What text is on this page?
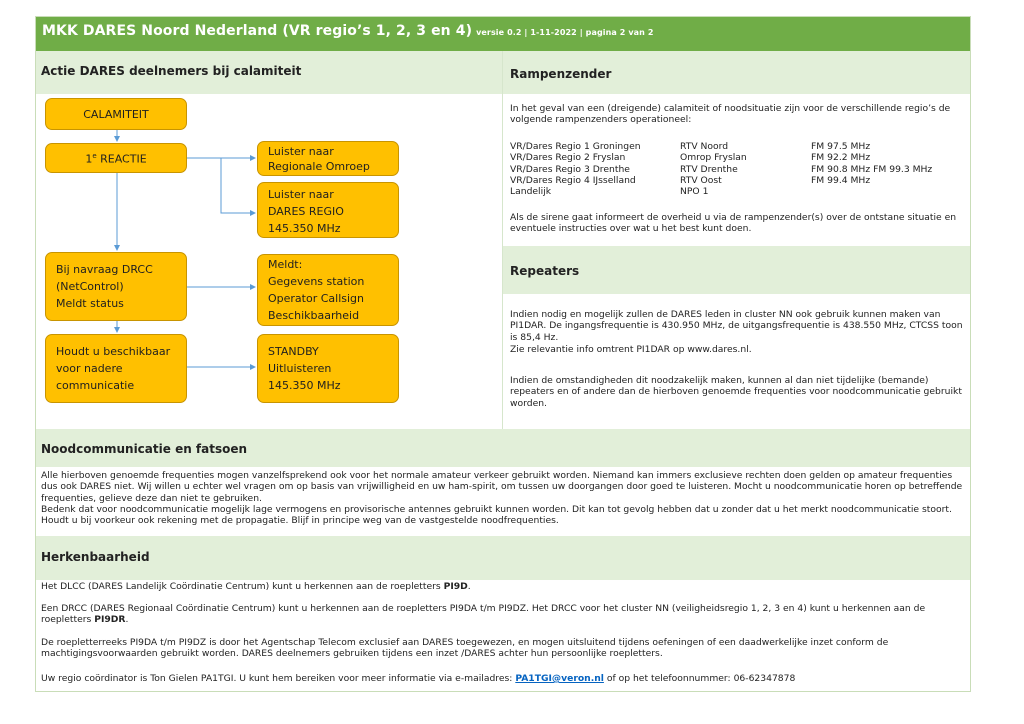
MKK DARES Noord Nederland (VR regio’s 1, 2, 3 en 4) versie 0.2 | 1-11-2022 | pagina 2 van 2
Actie DARES deelnemers bij calamiteit	Rampenzender
CALAMITEIT
1e REACTIE
Luister naar
Regionale Omroep
Luister naar
DARES REGIO
145.350 MHz
Bij navraag DRCC
(NetControl)
Meldt status
Meldt:
Gegevens station
Operator Callsign
Beschikbaarheid
Houdt u beschikbaar
voor nadere
communicatie
STANDBY
Uitluisteren
145.350 MHz
In het geval van een (dreigende) calamiteit of noodsituatie zijn voor de verschillende regio’s de volgende rampenzenders operationeel:
VR/Dares Regio 1 Groningen	RTV Noord	FM 97.5 MHz
VR/Dares Regio 2 Fryslan	Omrop Fryslan	FM 92.2 MHz
VR/Dares Regio 3 Drenthe	RTV Drenthe	FM 90.8 MHz FM 99.3 MHz
VR/Dares Regio 4 IJsselland	RTV Oost	FM 99.4 MHz
Landelijk	NPO 1	
Als de sirene gaat informeert de overheid u via de rampenzender(s) over de ontstane situatie en eventuele instructies over wat u het best kunt doen.
Repeaters
Indien nodig en mogelijk zullen de DARES leden in cluster NN ook gebruik kunnen maken van PI1DAR. De ingangsfrequentie is 430.950 MHz, de uitgangsfrequentie is 438.550 MHz, CTCSS toon is 85,4 Hz.
Zie relevantie info omtrent PI1DAR op www.dares.nl.
Indien de omstandigheden dit noodzakelijk maken, kunnen al dan niet tijdelijke (bemande) repeaters en of andere dan de hierboven genoemde frequenties voor noodcommunicatie gebruikt worden.
Noodcommunicatie en fatsoen
Alle hierboven genoemde frequenties mogen vanzelfsprekend ook voor het normale amateur verkeer gebruikt worden. Niemand kan immers exclusieve rechten doen gelden op amateur frequenties dus ook DARES niet. Wij willen u echter wel vragen om op basis van vrijwilligheid en uw ham-spirit, om tussen uw doorgangen door goed te luisteren. Mocht u noodcommunicatie horen op betreffende frequenties, gelieve deze dan niet te gebruiken.
Bedenk dat voor noodcommunicatie mogelijk lage vermogens en provisorische antennes gebruikt kunnen worden. Dit kan tot gevolg hebben dat u zonder dat u het merkt noodcommunicatie stoort. Houdt u bij voorkeur ook rekening met de propagatie. Blijf in principe weg van de vastgestelde noodfrequenties.
Herkenbaarheid
Het DLCC (DARES Landelijk Coördinatie Centrum) kunt u herkennen aan de roepletters PI9D.
Een DRCC (DARES Regionaal Coördinatie Centrum) kunt u herkennen aan de roepletters PI9DA t/m PI9DZ. Het DRCC voor het cluster NN (veiligheidsregio 1, 2, 3 en 4) kunt u herkennen aan de roepletters PI9DR.
De roepletterreeks PI9DA t/m PI9DZ is door het Agentschap Telecom exclusief aan DARES toegewezen, en mogen uitsluitend tijdens oefeningen of een daadwerkelijke inzet conform de machtigingsvoorwaarden gebruikt worden. DARES deelnemers gebruiken tijdens een inzet /DARES achter hun persoonlijke roepletters.
Uw regio coördinator is Ton Gielen PA1TGI. U kunt hem bereiken voor meer informatie via e-mailadres: PA1TGI@veron.nl of op het telefoonnummer: 06-62347878
